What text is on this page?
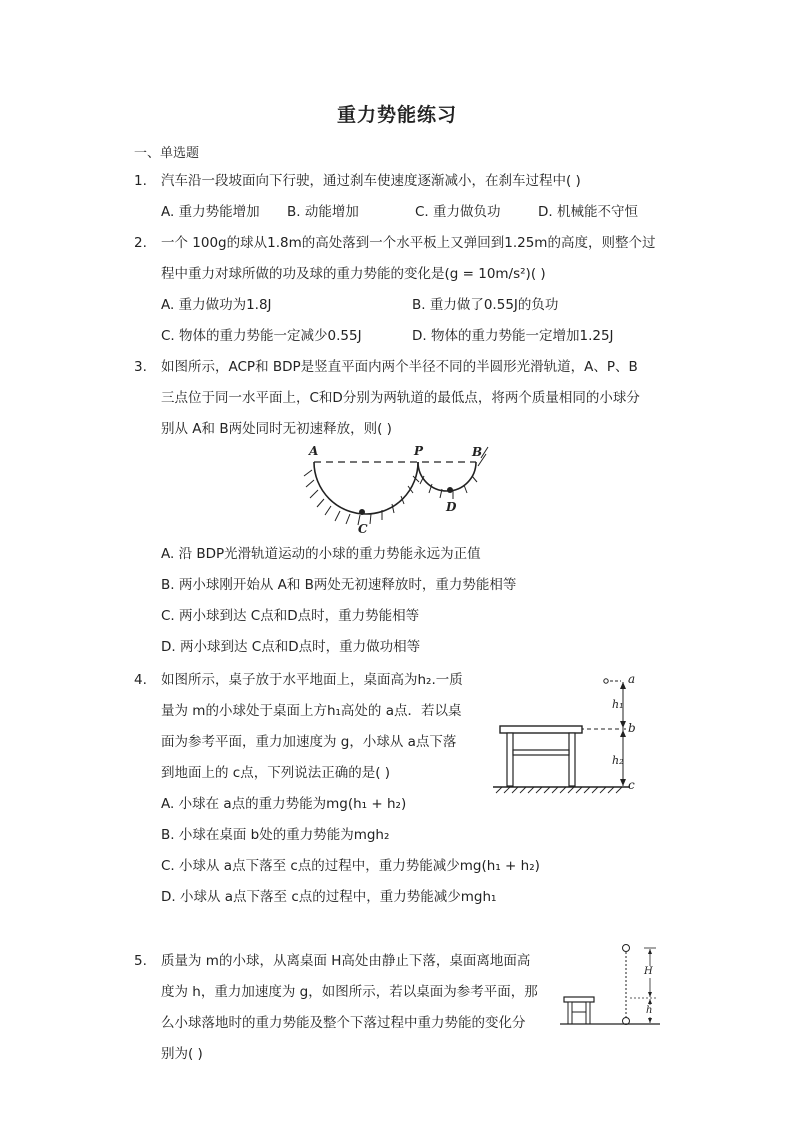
重力势能练习
一、单选题
1. 汽车沿一段坡面向下行驶，通过刹车使速度逐渐减小，在刹车过程中( )
A. 重力势能增加 B. 动能增加	C. 重力做负功	D. 机械能不守恒
2. 一个 100g的球从1.8m的高处落到一个水平板上又弹回到1.25m的高度，则整个过
程中重力对球所做的功及球的重力势能的变化是(g = 10m/s²)( )
A. 重力做功为1.8J	B. 重力做了0.55J的负功
C. 物体的重力势能一定减少0.55J	D. 物体的重力势能一定增加1.25J
3. 如图所示，ACP和 BDP是竖直平面内两个半径不同的半圆形光滑轨道，A、P、B
三点位于同一水平面上，C和D分别为两轨道的最低点，将两个质量相同的小球分
别从 A和 B两处同时无初速释放，则( )
A	P	B
C
D
A. 沿 BDP光滑轨道运动的小球的重力势能永远为正值
B. 两小球刚开始从 A和 B两处无初速释放时，重力势能相等
C. 两小球到达 C点和D点时，重力势能相等
D. 两小球到达 C点和D点时，重力做功相等
4. 如图所示，桌子放于水平地面上，桌面高为h₂.一质
量为 m的小球处于桌面上方h₁高处的 a点．若以桌
面为参考平面，重力加速度为 g，小球从 a点下落
到地面上的 c点，下列说法正确的是( )
a
b
c
h₁
h₂
A. 小球在 a点的重力势能为mg(h₁ + h₂)
B. 小球在桌面 b处的重力势能为mgh₂
C. 小球从 a点下落至 c点的过程中，重力势能减少mg(h₁ + h₂)
D. 小球从 a点下落至 c点的过程中，重力势能减少mgh₁
5. 质量为 m的小球，从离桌面 H高处由静止下落，桌面离地面高
度为 h，重力加速度为 g，如图所示，若以桌面为参考平面，那
么小球落地时的重力势能及整个下落过程中重力势能的变化分
别为( )
H
h
